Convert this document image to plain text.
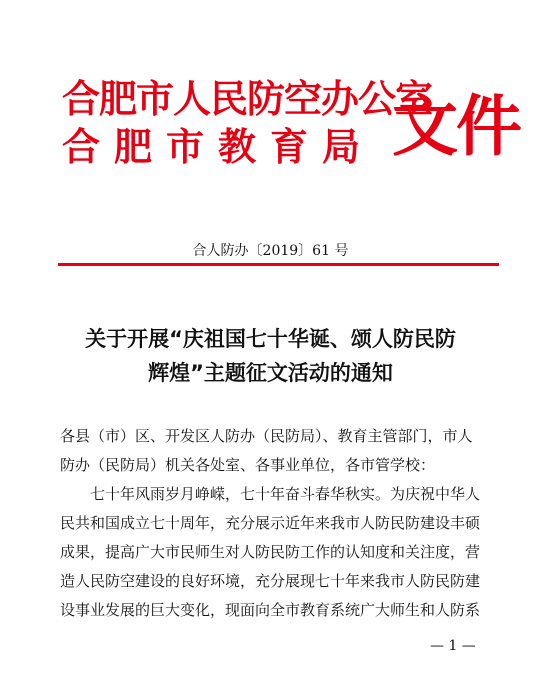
合肥市人民防空办公室
合肥市教育局 文件
合人防办〔2019〕61 号
关于开展“庆祖国七十华诞、颂人防民防
辉煌”主题征文活动的通知
各县（市）区、开发区人防办（民防局）、教育主管部门，市人
防办（民防局）机关各处室、各事业单位，各市管学校：
七十年风雨岁月峥嵘，七十年奋斗春华秋实。为庆祝中华人
民共和国成立七十周年，充分展示近年来我市人防民防建设丰硕
成果，提高广大市民师生对人防民防工作的认知度和关注度，营
造人民防空建设的良好环境，充分展现七十年来我市人防民防建
设事业发展的巨大变化，现面向全市教育系统广大师生和人防系
— 1 —
